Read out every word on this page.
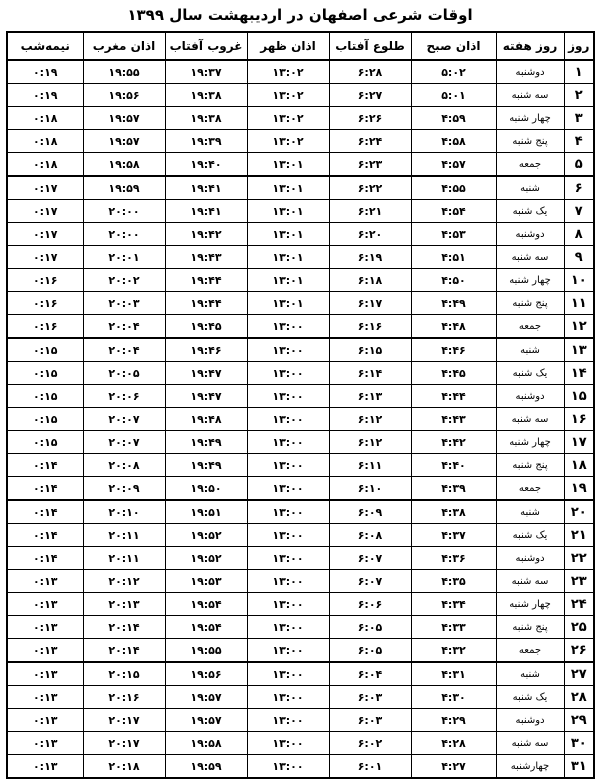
اوقات شرعی اصفهان در اردیبهشت سال ۱۳۹۹
روز	روز هفته	اذان صبح	طلوع آفتاب	اذان ظهر	غروب آفتاب	اذان مغرب	نیمه‌شب
۱	دوشنبه	۵:۰۲	۶:۲۸	۱۳:۰۲	۱۹:۳۷	۱۹:۵۵	۰:۱۹
۲	سه شنبه	۵:۰۱	۶:۲۷	۱۳:۰۲	۱۹:۳۸	۱۹:۵۶	۰:۱۹
۳	چهار شنبه	۴:۵۹	۶:۲۶	۱۳:۰۲	۱۹:۳۸	۱۹:۵۷	۰:۱۸
۴	پنج شنبه	۴:۵۸	۶:۲۴	۱۳:۰۲	۱۹:۳۹	۱۹:۵۷	۰:۱۸
۵	جمعه	۴:۵۷	۶:۲۳	۱۳:۰۱	۱۹:۴۰	۱۹:۵۸	۰:۱۸
۶	شنبه	۴:۵۵	۶:۲۲	۱۳:۰۱	۱۹:۴۱	۱۹:۵۹	۰:۱۷
۷	یک شنبه	۴:۵۴	۶:۲۱	۱۳:۰۱	۱۹:۴۱	۲۰:۰۰	۰:۱۷
۸	دوشنبه	۴:۵۳	۶:۲۰	۱۳:۰۱	۱۹:۴۲	۲۰:۰۰	۰:۱۷
۹	سه شنبه	۴:۵۱	۶:۱۹	۱۳:۰۱	۱۹:۴۳	۲۰:۰۱	۰:۱۷
۱۰	چهار شنبه	۴:۵۰	۶:۱۸	۱۳:۰۱	۱۹:۴۴	۲۰:۰۲	۰:۱۶
۱۱	پنج شنبه	۴:۴۹	۶:۱۷	۱۳:۰۱	۱۹:۴۴	۲۰:۰۳	۰:۱۶
۱۲	جمعه	۴:۴۸	۶:۱۶	۱۳:۰۰	۱۹:۴۵	۲۰:۰۴	۰:۱۶
۱۳	شنبه	۴:۴۶	۶:۱۵	۱۳:۰۰	۱۹:۴۶	۲۰:۰۴	۰:۱۵
۱۴	یک شنبه	۴:۴۵	۶:۱۴	۱۳:۰۰	۱۹:۴۷	۲۰:۰۵	۰:۱۵
۱۵	دوشنبه	۴:۴۴	۶:۱۳	۱۳:۰۰	۱۹:۴۷	۲۰:۰۶	۰:۱۵
۱۶	سه شنبه	۴:۴۳	۶:۱۲	۱۳:۰۰	۱۹:۴۸	۲۰:۰۷	۰:۱۵
۱۷	چهار شنبه	۴:۴۲	۶:۱۲	۱۳:۰۰	۱۹:۴۹	۲۰:۰۷	۰:۱۵
۱۸	پنج شنبه	۴:۴۰	۶:۱۱	۱۳:۰۰	۱۹:۴۹	۲۰:۰۸	۰:۱۴
۱۹	جمعه	۴:۳۹	۶:۱۰	۱۳:۰۰	۱۹:۵۰	۲۰:۰۹	۰:۱۴
۲۰	شنبه	۴:۳۸	۶:۰۹	۱۳:۰۰	۱۹:۵۱	۲۰:۱۰	۰:۱۴
۲۱	یک شنبه	۴:۳۷	۶:۰۸	۱۳:۰۰	۱۹:۵۲	۲۰:۱۱	۰:۱۴
۲۲	دوشنبه	۴:۳۶	۶:۰۷	۱۳:۰۰	۱۹:۵۲	۲۰:۱۱	۰:۱۴
۲۳	سه شنبه	۴:۳۵	۶:۰۷	۱۳:۰۰	۱۹:۵۳	۲۰:۱۲	۰:۱۳
۲۴	چهار شنبه	۴:۳۴	۶:۰۶	۱۳:۰۰	۱۹:۵۴	۲۰:۱۳	۰:۱۳
۲۵	پنج شنبه	۴:۳۳	۶:۰۵	۱۳:۰۰	۱۹:۵۴	۲۰:۱۴	۰:۱۳
۲۶	جمعه	۴:۳۲	۶:۰۵	۱۳:۰۰	۱۹:۵۵	۲۰:۱۴	۰:۱۳
۲۷	شنبه	۴:۳۱	۶:۰۴	۱۳:۰۰	۱۹:۵۶	۲۰:۱۵	۰:۱۳
۲۸	یک شنبه	۴:۳۰	۶:۰۳	۱۳:۰۰	۱۹:۵۷	۲۰:۱۶	۰:۱۳
۲۹	دوشنبه	۴:۲۹	۶:۰۳	۱۳:۰۰	۱۹:۵۷	۲۰:۱۷	۰:۱۳
۳۰	سه شنبه	۴:۲۸	۶:۰۲	۱۳:۰۰	۱۹:۵۸	۲۰:۱۷	۰:۱۳
۳۱	چهارشنبه	۴:۲۷	۶:۰۱	۱۳:۰۰	۱۹:۵۹	۲۰:۱۸	۰:۱۳
